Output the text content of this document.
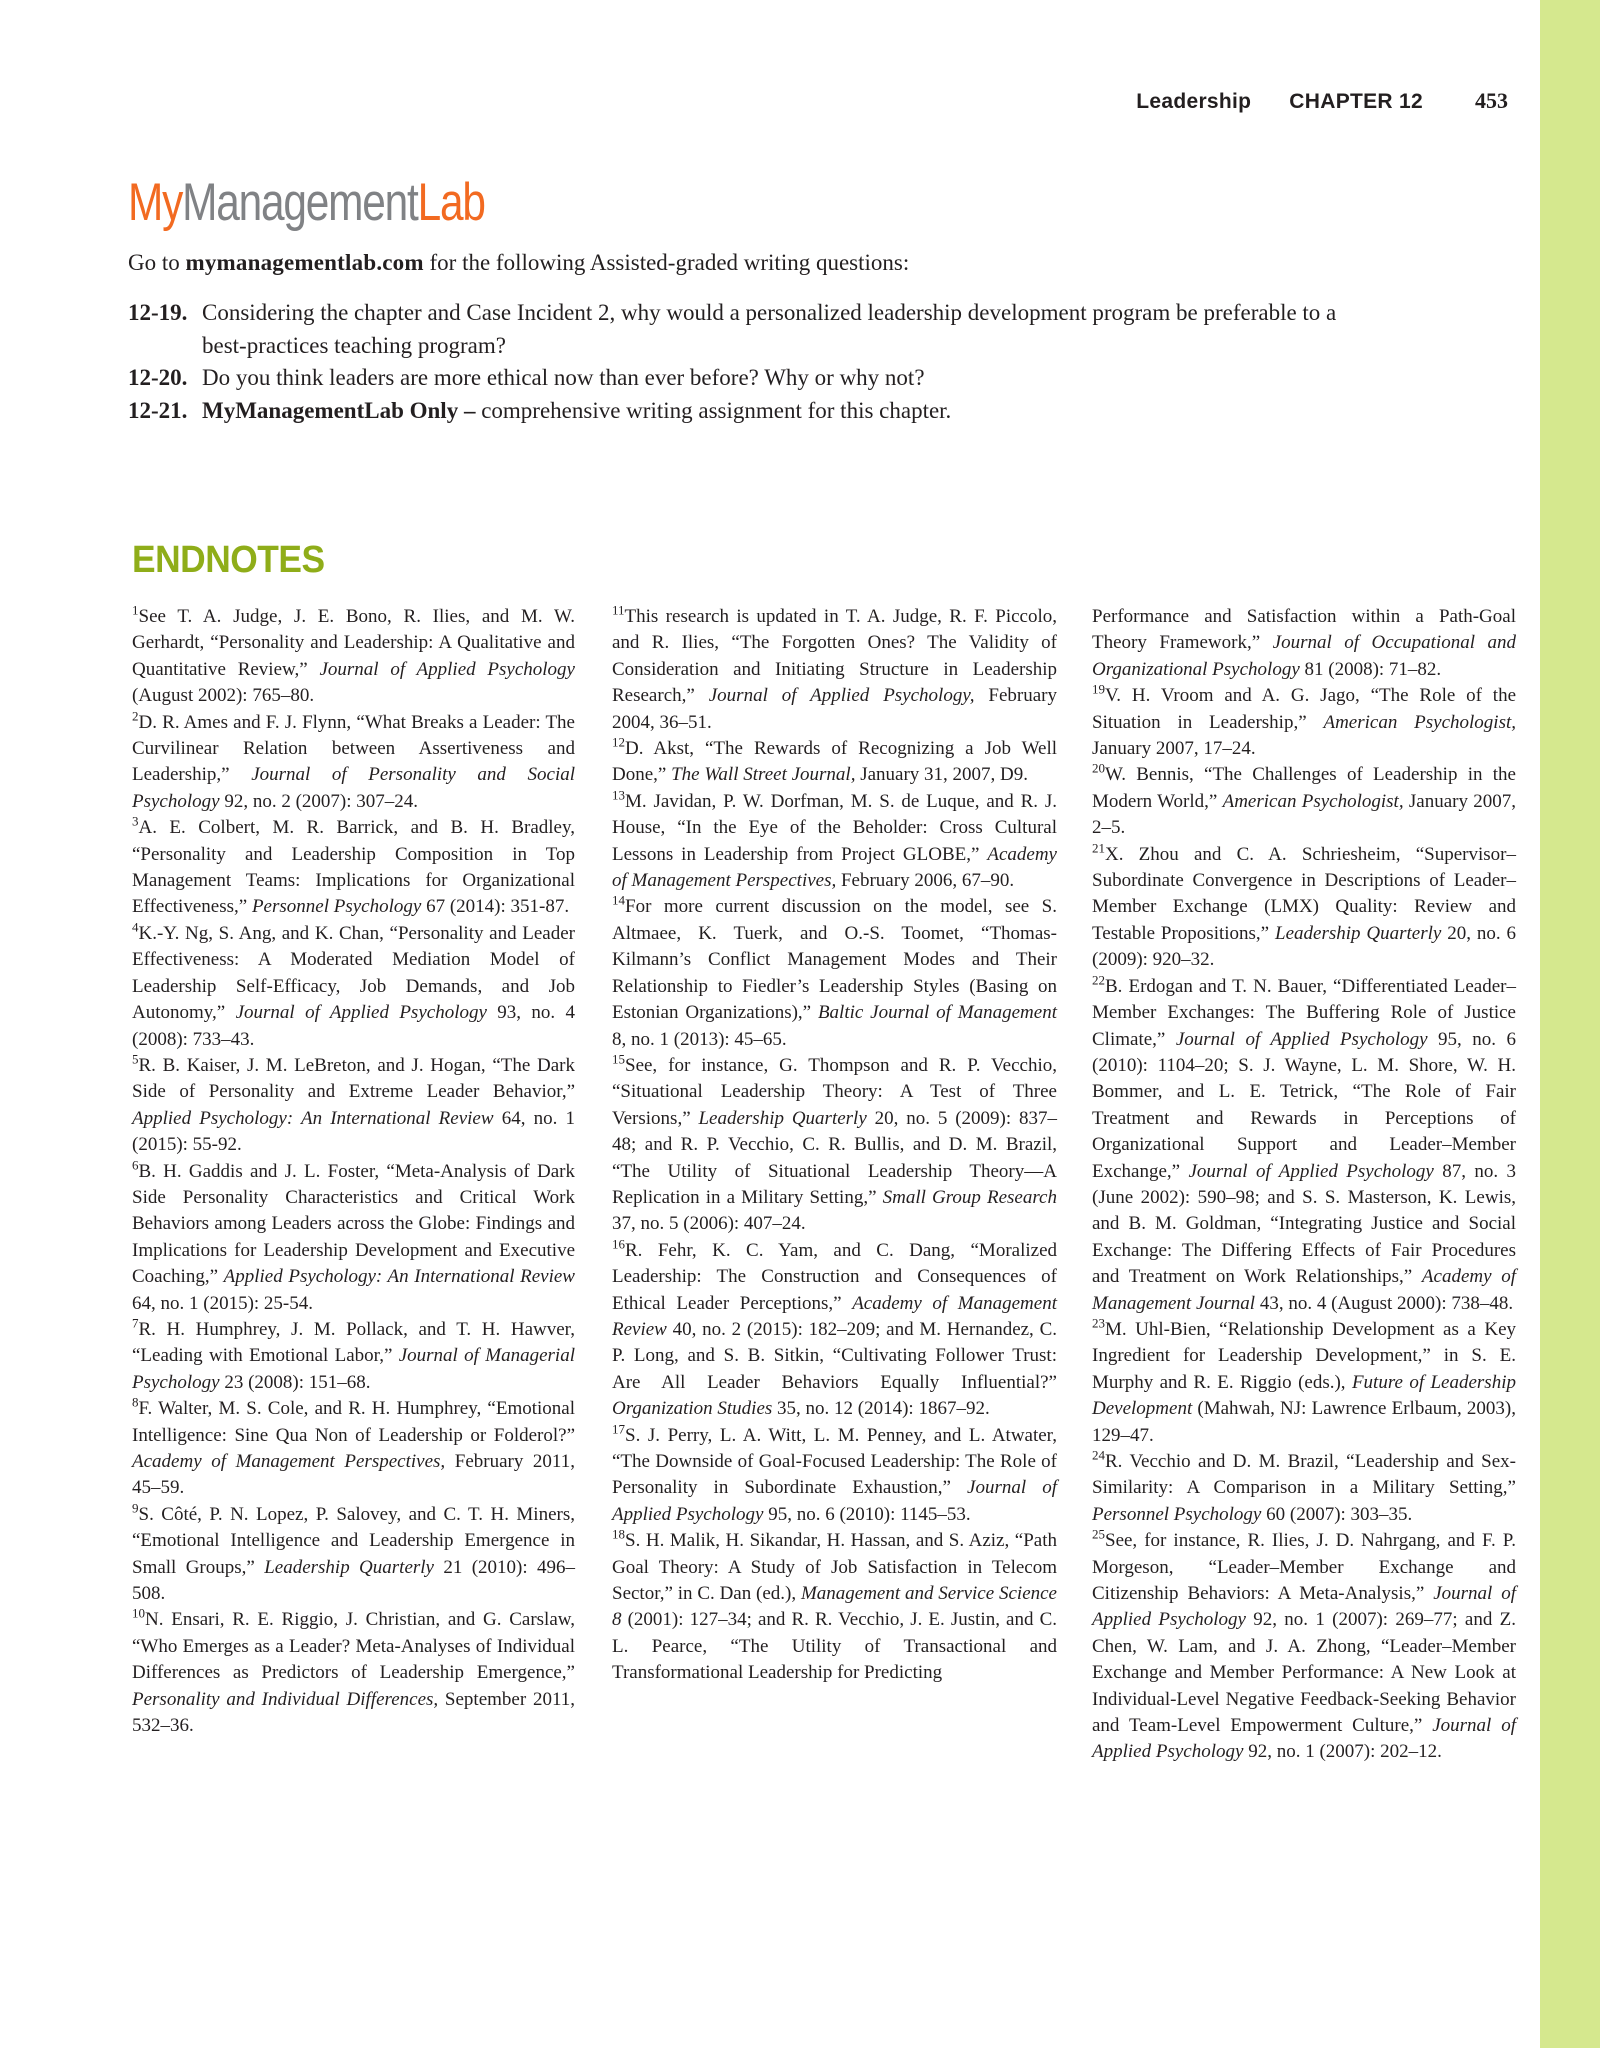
Leadership CHAPTER 12 453
MyManagementLab
Go to mymanagementlab.com for the following Assisted-graded writing questions:
12-19. Considering the chapter and Case Incident 2, why would a personalized leadership development program be preferable to a best-practices teaching program?
12-20. Do you think leaders are more ethical now than ever before? Why or why not?
12-21. MyManagementLab Only – comprehensive writing assignment for this chapter.
ENDNOTES

$^1$See T. A. Judge, J. E. Bono, R. Ilies, and M. W. Gerhardt, “Personality and Leadership: A Qualitative and Quantitative Review,” Journal of Applied Psychology (August 2002): 765–80.

$^2$D. R. Ames and F. J. Flynn, “What Breaks a Leader: The Curvilinear Relation between Assertiveness and Leadership,” Journal of Personality and Social Psychology 92, no. 2 (2007): 307–24.

$^3$A. E. Colbert, M. R. Barrick, and B. H. Bradley, “Personality and Leadership Composition in Top Management Teams: Implications for Organizational Effectiveness,” Personnel Psychology 67 (2014): 351-87.

$^4$K.-Y. Ng, S. Ang, and K. Chan, “Personality and Leader Effectiveness: A Moderated Mediation Model of Leadership Self-Efficacy, Job Demands, and Job Autonomy,” Journal of Applied Psychology 93, no. 4 (2008): 733–43.

$^5$R. B. Kaiser, J. M. LeBreton, and J. Hogan, “The Dark Side of Personality and Extreme Leader Behavior,” Applied Psychology: An International Review 64, no. 1 (2015): 55-92.

$^6$B. H. Gaddis and J. L. Foster, “Meta-Analysis of Dark Side Personality Characteristics and Critical Work Behaviors among Leaders across the Globe: Findings and Implications for Leadership Development and Executive Coaching,” Applied Psychology: An International Review 64, no. 1 (2015): 25-54.

$^7$R. H. Humphrey, J. M. Pollack, and T. H. Hawver, “Leading with Emotional Labor,” Journal of Managerial Psychology 23 (2008): 151–68.

$^8$F. Walter, M. S. Cole, and R. H. Humphrey, “Emotional Intelligence: Sine Qua Non of Leadership or Folderol?” Academy of Management Perspectives, February 2011, 45–59.

$^9$S. Côté, P. N. Lopez, P. Salovey, and C. T. H. Miners, “Emotional Intelligence and Leadership Emergence in Small Groups,” Leadership Quarterly 21 (2010): 496–508.

$^{10}$N. Ensari, R. E. Riggio, J. Christian, and G. Carslaw, “Who Emerges as a Leader? Meta-Analyses of Individual Differences as Predictors of Leadership Emergence,” Personality and Individual Differences, September 2011, 532–36.

$^{11}$This research is updated in T. A. Judge, R. F. Piccolo, and R. Ilies, “The Forgotten Ones? The Validity of Consideration and Initiating Structure in Leadership Research,” Journal of Applied Psychology, February 2004, 36–51.

$^{12}$D. Akst, “The Rewards of Recognizing a Job Well Done,” The Wall Street Journal, January 31, 2007, D9.

$^{13}$M. Javidan, P. W. Dorfman, M. S. de Luque, and R. J. House, “In the Eye of the Beholder: Cross Cultural Lessons in Leadership from Project GLOBE,” Academy of Management Perspectives, February 2006, 67–90.

$^{14}$For more current discussion on the model, see S. Altmaee, K. Tuerk, and O.-S. Toomet, “Thomas-Kilmann’s Conflict Management Modes and Their Relationship to Fiedler’s Leadership Styles (Basing on Estonian Organizations),” Baltic Journal of Management 8, no. 1 (2013): 45–65.

$^{15}$See, for instance, G. Thompson and R. P. Vecchio, “Situational Leadership Theory: A Test of Three Versions,” Leadership Quarterly 20, no. 5 (2009): 837–48; and R. P. Vecchio, C. R. Bullis, and D. M. Brazil, “The Utility of Situational Leadership Theory—A Replication in a Military Setting,” Small Group Research 37, no. 5 (2006): 407–24.

$^{16}$R. Fehr, K. C. Yam, and C. Dang, “Moralized Leadership: The Construction and Consequences of Ethical Leader Perceptions,” Academy of Management Review 40, no. 2 (2015): 182–209; and M. Hernandez, C. P. Long, and S. B. Sitkin, “Cultivating Follower Trust: Are All Leader Behaviors Equally Influential?” Organization Studies 35, no. 12 (2014): 1867–92.

$^{17}$S. J. Perry, L. A. Witt, L. M. Penney, and L. Atwater, “The Downside of Goal-Focused Leadership: The Role of Personality in Subordinate Exhaustion,” Journal of Applied Psychology 95, no. 6 (2010): 1145–53.

$^{18}$S. H. Malik, H. Sikandar, H. Hassan, and S. Aziz, “Path Goal Theory: A Study of Job Satisfaction in Telecom Sector,” in C. Dan (ed.), Management and Service Science 8 (2001): 127–34; and R. R. Vecchio, J. E. Justin, and C. L. Pearce, “The Utility of Transactional and Transformational Leadership for Predicting

Performance and Satisfaction within a Path-Goal Theory Framework,” Journal of Occupational and Organizational Psychology 81 (2008): 71–82.

$^{19}$V. H. Vroom and A. G. Jago, “The Role of the Situation in Leadership,” American Psychologist, January 2007, 17–24.

$^{20}$W. Bennis, “The Challenges of Leadership in the Modern World,” American Psychologist, January 2007, 2–5.

$^{21}$X. Zhou and C. A. Schriesheim, “Supervisor–Subordinate Convergence in Descriptions of Leader–Member Exchange (LMX) Quality: Review and Testable Propositions,” Leadership Quarterly 20, no. 6 (2009): 920–32.

$^{22}$B. Erdogan and T. N. Bauer, “Differentiated Leader–Member Exchanges: The Buffering Role of Justice Climate,” Journal of Applied Psychology 95, no. 6 (2010): 1104–20; S. J. Wayne, L. M. Shore, W. H. Bommer, and L. E. Tetrick, “The Role of Fair Treatment and Rewards in Perceptions of Organizational Support and Leader–Member Exchange,” Journal of Applied Psychology 87, no. 3 (June 2002): 590–98; and S. S. Masterson, K. Lewis, and B. M. Goldman, “Integrating Justice and Social Exchange: The Differing Effects of Fair Procedures and Treatment on Work Relationships,” Academy of Management Journal 43, no. 4 (August 2000): 738–48.

$^{23}$M. Uhl-Bien, “Relationship Development as a Key Ingredient for Leadership Development,” in S. E. Murphy and R. E. Riggio (eds.), Future of Leadership Development (Mahwah, NJ: Lawrence Erlbaum, 2003), 129–47.

$^{24}$R. Vecchio and D. M. Brazil, “Leadership and Sex-Similarity: A Comparison in a Military Setting,” Personnel Psychology 60 (2007): 303–35.

$^{25}$See, for instance, R. Ilies, J. D. Nahrgang, and F. P. Morgeson, “Leader–Member Exchange and Citizenship Behaviors: A Meta-Analysis,” Journal of Applied Psychology 92, no. 1 (2007): 269–77; and Z. Chen, W. Lam, and J. A. Zhong, “Leader–Member Exchange and Member Performance: A New Look at Individual-Level Negative Feedback-Seeking Behavior and Team-Level Empowerment Culture,” Journal of Applied Psychology 92, no. 1 (2007): 202–12.
